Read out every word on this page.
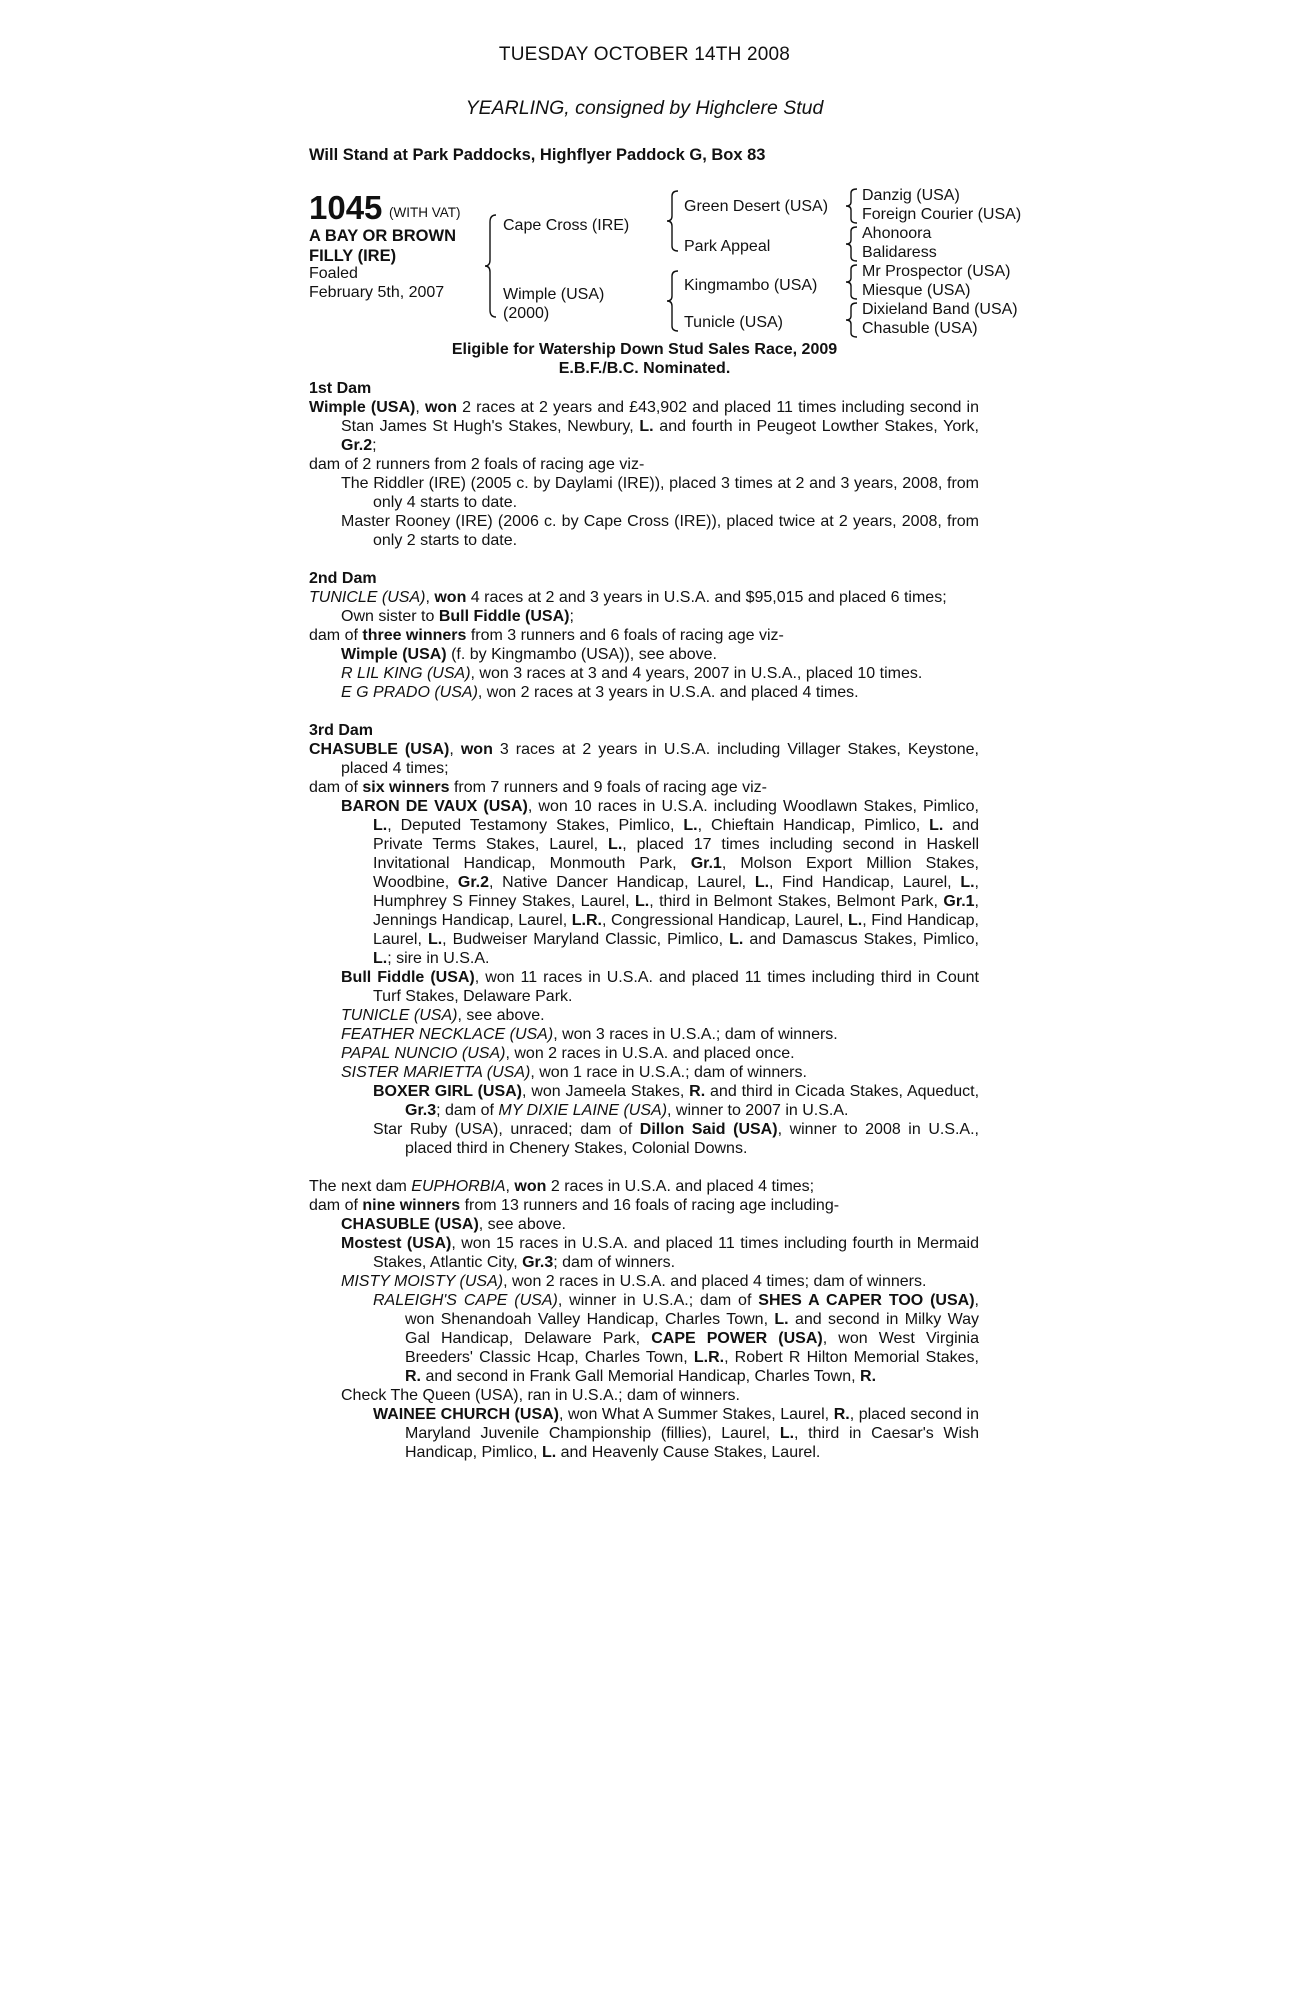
TUESDAY OCTOBER 14TH 2008
YEARLING, consigned by Highclere Stud
Will Stand at Park Paddocks, Highflyer Paddock G, Box 83
1045 (WITH VAT)
A BAY OR BROWN
FILLY (IRE)
Foaled
February 5th, 2007
Cape Cross (IRE)
Wimple (USA)
(2000)
Green Desert (USA)
Park Appeal
Kingmambo (USA)
Tunicle (USA)
Danzig (USA)
Foreign Courier (USA)
Ahonoora
Balidaress
Mr Prospector (USA)
Miesque (USA)
Dixieland Band (USA)
Chasuble (USA)
Eligible for Watership Down Stud Sales Race, 2009
E.B.F./B.C. Nominated.

1st Dam

Wimple (USA), won 2 races at 2 years and £43,902 and placed 11 times including second in Stan James St Hugh's Stakes, Newbury, L. and fourth in Peugeot Lowther Stakes, York, Gr.2;

dam of 2 runners from 2 foals of racing age viz-

The Riddler (IRE) (2005 c. by Daylami (IRE)), placed 3 times at 2 and 3 years, 2008, from only 4 starts to date.

Master Rooney (IRE) (2006 c. by Cape Cross (IRE)), placed twice at 2 years, 2008, from only 2 starts to date.

2nd Dam

TUNICLE (USA), won 4 races at 2 and 3 years in U.S.A. and $95,015 and placed 6 times;
Own sister to Bull Fiddle (USA);

dam of three winners from 3 runners and 6 foals of racing age viz-

Wimple (USA) (f. by Kingmambo (USA)), see above.

R LIL KING (USA), won 3 races at 3 and 4 years, 2007 in U.S.A., placed 10 times.

E G PRADO (USA), won 2 races at 3 years in U.S.A. and placed 4 times.

3rd Dam

CHASUBLE (USA), won 3 races at 2 years in U.S.A. including Villager Stakes, Keystone, placed 4 times;

dam of six winners from 7 runners and 9 foals of racing age viz-

BARON DE VAUX (USA), won 10 races in U.S.A. including Woodlawn Stakes, Pimlico, L., Deputed Testamony Stakes, Pimlico, L., Chieftain Handicap, Pimlico, L. and Private Terms Stakes, Laurel, L., placed 17 times including second in Haskell Invitational Handicap, Monmouth Park, Gr.1, Molson Export Million Stakes, Woodbine, Gr.2, Native Dancer Handicap, Laurel, L., Find Handicap, Laurel, L., Humphrey S Finney Stakes, Laurel, L., third in Belmont Stakes, Belmont Park, Gr.1, Jennings Handicap, Laurel, L.R., Congressional Handicap, Laurel, L., Find Handicap, Laurel, L., Budweiser Maryland Classic, Pimlico, L. and Damascus Stakes, Pimlico, L.; sire in U.S.A.

Bull Fiddle (USA), won 11 races in U.S.A. and placed 11 times including third in Count Turf Stakes, Delaware Park.

TUNICLE (USA), see above.

FEATHER NECKLACE (USA), won 3 races in U.S.A.; dam of winners.

PAPAL NUNCIO (USA), won 2 races in U.S.A. and placed once.

SISTER MARIETTA (USA), won 1 race in U.S.A.; dam of winners.

BOXER GIRL (USA), won Jameela Stakes, R. and third in Cicada Stakes, Aqueduct, Gr.3; dam of MY DIXIE LAINE (USA), winner to 2007 in U.S.A.

Star Ruby (USA), unraced; dam of Dillon Said (USA), winner to 2008 in U.S.A., placed third in Chenery Stakes, Colonial Downs.

The next dam EUPHORBIA, won 2 races in U.S.A. and placed 4 times;

dam of nine winners from 13 runners and 16 foals of racing age including-

CHASUBLE (USA), see above.

Mostest (USA), won 15 races in U.S.A. and placed 11 times including fourth in Mermaid Stakes, Atlantic City, Gr.3; dam of winners.

MISTY MOISTY (USA), won 2 races in U.S.A. and placed 4 times; dam of winners.

RALEIGH'S CAPE (USA), winner in U.S.A.; dam of SHES A CAPER TOO (USA), won Shenandoah Valley Handicap, Charles Town, L. and second in Milky Way Gal Handicap, Delaware Park, CAPE POWER (USA), won West Virginia Breeders' Classic Hcap, Charles Town, L.R., Robert R Hilton Memorial Stakes, R. and second in Frank Gall Memorial Handicap, Charles Town, R.

Check The Queen (USA), ran in U.S.A.; dam of winners.

WAINEE CHURCH (USA), won What A Summer Stakes, Laurel, R., placed second in Maryland Juvenile Championship (fillies), Laurel, L., third in Caesar's Wish Handicap, Pimlico, L. and Heavenly Cause Stakes, Laurel.
